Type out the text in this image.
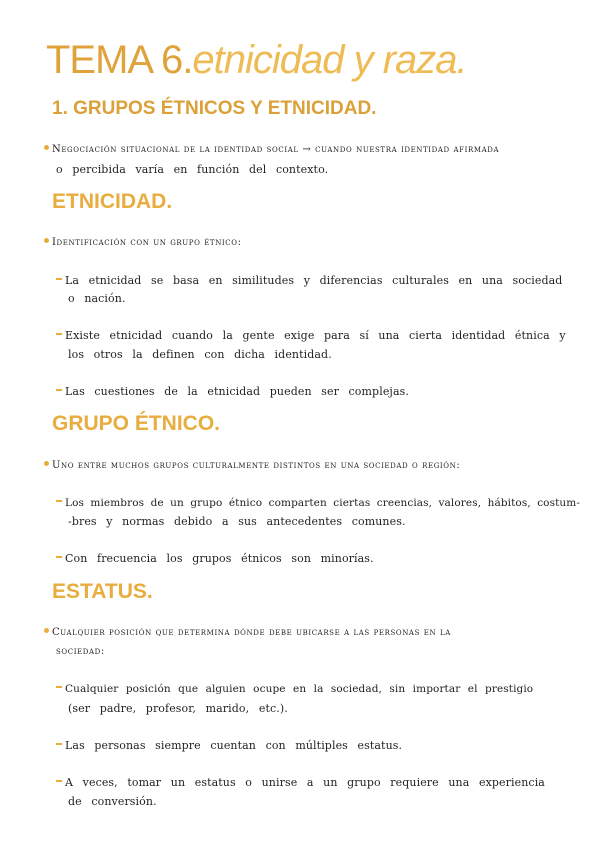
TEMA 6.etnicidad y raza.
1. GRUPOS ÉTNICOS Y ETNICIDAD.
Negociación situacional de la identidad social → cuando nuestra identidad afirmada
o percibida varía en función del contexto.
ETNICIDAD.
Identificación con un grupo étnico:
La etnicidad se basa en similitudes y diferencias culturales en una sociedad
o nación.
Existe etnicidad cuando la gente exige para sí una cierta identidad étnica y
los otros la definen con dicha identidad.
Las cuestiones de la etnicidad pueden ser complejas.
GRUPO ÉTNICO.
Uno entre muchos grupos culturalmente distintos en una sociedad o región:
Los miembros de un grupo étnico comparten ciertas creencias, valores, hábitos, costum-
-bres y normas debido a sus antecedentes comunes.
Con frecuencia los grupos étnicos son minorías.
ESTATUS.
Cualquier posición que determina dónde debe ubicarse a las personas en la
sociedad:
Cualquier posición que alguien ocupe en la sociedad, sin importar el prestigio
(ser padre, profesor, marido, etc.).
Las personas siempre cuentan con múltiples estatus.
A veces, tomar un estatus o unirse a un grupo requiere una experiencia
de conversión.
